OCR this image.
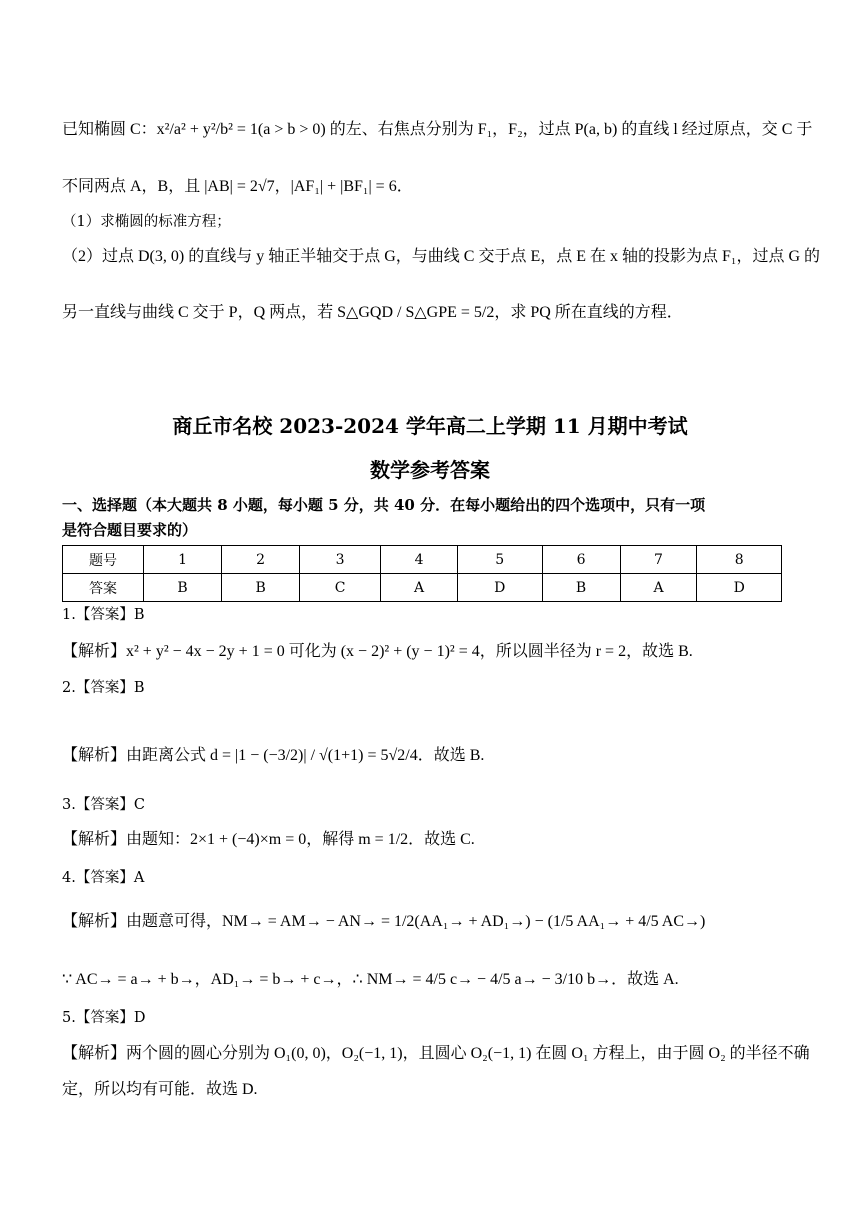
已知椭圆 C：x²/a² + y²/b² = 1(a > b > 0) 的左、右焦点分别为 F₁，F₂，过点 P(a, b) 的直线 l 经过原点，交 C 于
不同两点 A，B，且 |AB| = 2√7，|AF₁| + |BF₁| = 6．
（1）求椭圆的标准方程；
（2）过点 D(3, 0) 的直线与 y 轴正半轴交于点 G，与曲线 C 交于点 E，点 E 在 x 轴的投影为点 F₁，过点 G 的
另一直线与曲线 C 交于 P，Q 两点，若 S△GQD / S△GPE = 5/2，求 PQ 所在直线的方程．
商丘市名校 2023-2024 学年高二上学期 11 月期中考试
数学参考答案
一、选择题（本大题共 8 小题，每小题 5 分，共 40 分．在每小题给出的四个选项中，只有一项
是符合题目要求的）
题号	1	2	3	4	5	6	7	8
答案	B	B	C	A	D	B	A	D
1.【答案】B
【解析】x² + y² − 4x − 2y + 1 = 0 可化为 (x − 2)² + (y − 1)² = 4，所以圆半径为 r = 2，故选 B.
2.【答案】B
【解析】由距离公式 d = |1 − (−3/2)| / √(1+1) = 5√2/4．故选 B.
3.【答案】C
【解析】由题知：2×1 + (−4)×m = 0，解得 m = 1/2．故选 C.
4.【答案】A
【解析】由题意可得，NM→ = AM→ − AN→ = 1/2(AA₁→ + AD₁→) − (1/5 AA₁→ + 4/5 AC→)
∵ AC→ = a→ + b→，AD₁→ = b→ + c→，∴ NM→ = 4/5 c→ − 4/5 a→ − 3/10 b→．故选 A.
5.【答案】D
【解析】两个圆的圆心分别为 O₁(0, 0)，O₂(−1, 1)，且圆心 O₂(−1, 1) 在圆 O₁ 方程上，由于圆 O₂ 的半径不确
定，所以均有可能．故选 D.
